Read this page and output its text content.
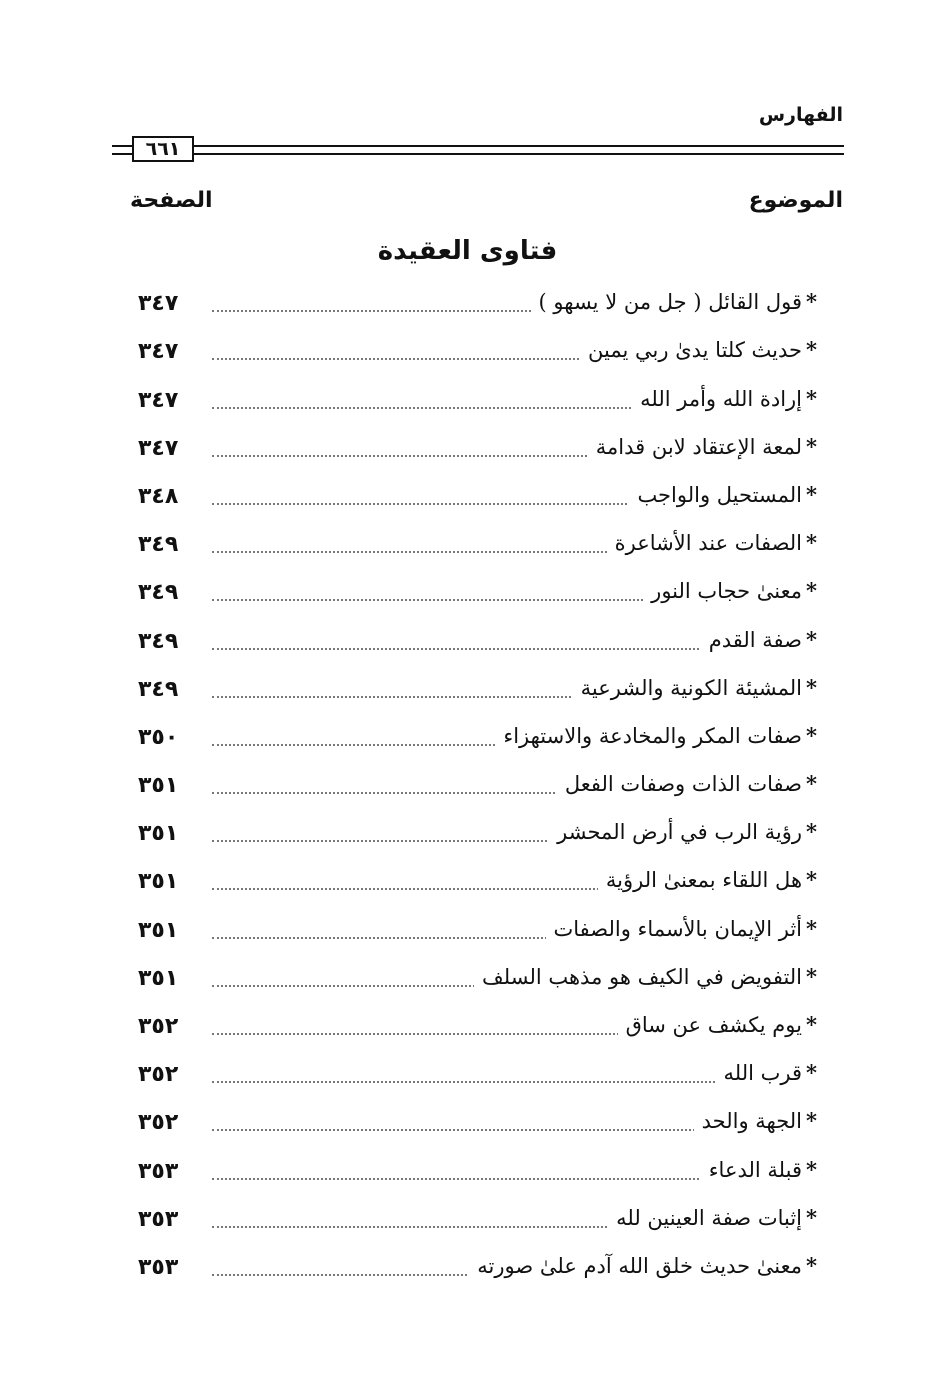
الفهارس
٦٦١
الموضوع
الصفحة
فتاوى العقيدة
*قول القائل ( جل من لا يسهو )
٣٤٧
*حديث كلتا يدىٰ ربي يمين
٣٤٧
*إرادة الله وأمر الله
٣٤٧
*لمعة الإعتقاد لابن قدامة
٣٤٧
*المستحيل والواجب
٣٤٨
*الصفات عند الأشاعرة
٣٤٩
*معنىٰ حجاب النور
٣٤٩
*صفة القدم
٣٤٩
*المشيئة الكونية والشرعية
٣٤٩
*صفات المكر والمخادعة والاستهزاء
٣٥٠
*صفات الذات وصفات الفعل
٣٥١
*رؤية الرب في أرض المحشر
٣٥١
*هل اللقاء بمعنىٰ الرؤية
٣٥١
*أثر الإيمان بالأسماء والصفات
٣٥١
*التفويض في الكيف هو مذهب السلف
٣٥١
*يوم يكشف عن ساق
٣٥٢
*قرب الله
٣٥٢
*الجهة والحد
٣٥٢
*قبلة الدعاء
٣٥٣
*إثبات صفة العينين لله
٣٥٣
*معنىٰ حديث خلق الله آدم علىٰ صورته
٣٥٣
